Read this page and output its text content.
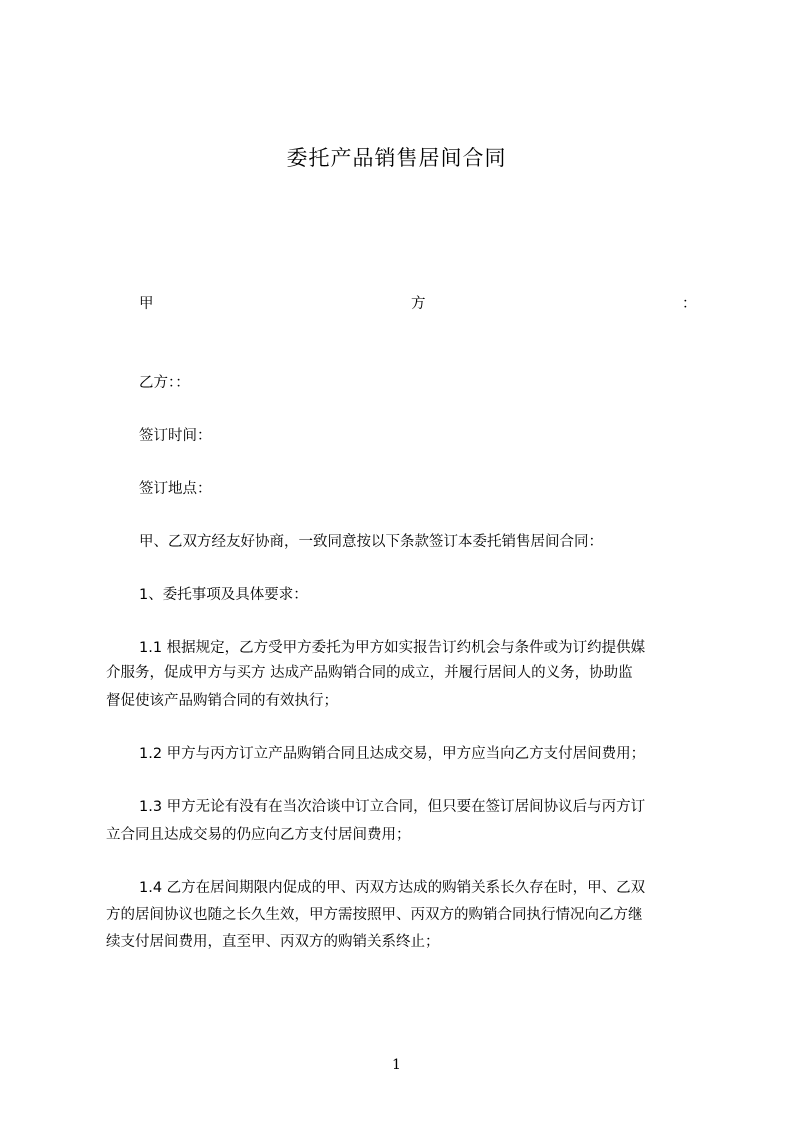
委托产品销售居间合同
甲	方	：
乙方：：
签订时间：
签订地点：
甲、乙双方经友好协商，一致同意按以下条款签订本委托销售居间合同：
1、委托事项及具体要求：
1.1 根据规定，乙方受甲方委托为甲方如实报告订约机会与条件或为订约提供媒
介服务，促成甲方与买方 达成产品购销合同的成立，并履行居间人的义务，协助监
督促使该产品购销合同的有效执行；
1.2 甲方与丙方订立产品购销合同且达成交易，甲方应当向乙方支付居间费用；
1.3 甲方无论有没有在当次洽谈中订立合同，但只要在签订居间协议后与丙方订
立合同且达成交易的仍应向乙方支付居间费用；
1.4 乙方在居间期限内促成的甲、丙双方达成的购销关系长久存在时，甲、乙双
方的居间协议也随之长久生效，甲方需按照甲、丙双方的购销合同执行情况向乙方继
续支付居间费用，直至甲、丙双方的购销关系终止；
1
